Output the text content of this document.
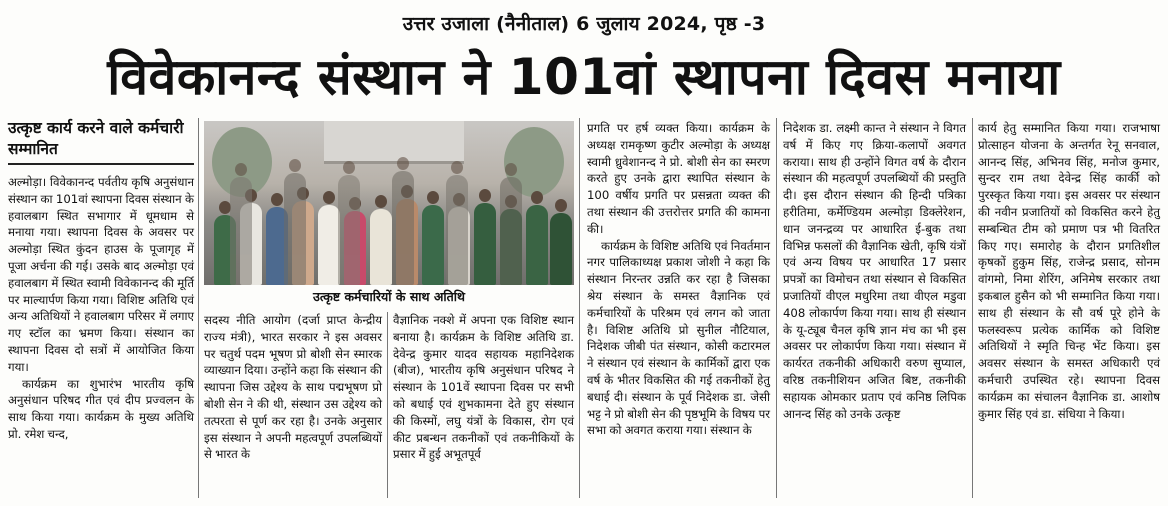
उत्तर उजाला (नैनीताल) 6 जुलाय 2024, पृष्ठ -3
विवेकानन्द संस्थान ने 101वां स्थापना दिवस मनाया
उत्कृष्ट कार्य करने वाले कर्मचारी सम्मानित

अल्मोड़ा। विवेकानन्द पर्वतीय कृषि अनुसंधान संस्थान का 101वां स्थापना दिवस संस्थान के हवालबाग स्थित सभागार में धूमधाम से मनाया गया। स्थापना दिवस के अवसर पर अल्मोड़ा स्थित कुंदन हाउस के पूजागृह में पूजा अर्चना की गई। उसके बाद अल्मोड़ा एवं हवालबाग में स्थित स्वामी विवेकानन्द की मूर्ति पर माल्यार्पण किया गया। विशिष्ट अतिथि एवं अन्य अतिथियों ने हवालबाग परिसर में लगाए गए स्टॉल का भ्रमण किया। संस्थान का स्थापना दिवस दो सत्रों में आयोजित किया गया।

कार्यक्रम का शुभारंभ भारतीय कृषि अनुसंधान परिषद गीत एवं दीप प्रज्वलन के साथ किया गया। कार्यक्रम के मुख्य अतिथि प्रो. रमेश चन्द,

उत्कृष्ट कर्मचारियों के साथ अतिथि

सदस्य नीति आयोग (दर्जा प्राप्त केन्द्रीय राज्य मंत्री), भारत सरकार ने इस अवसर पर चतुर्थ पदम भूषण प्रो बोशी सेन स्मारक व्याख्यान दिया। उन्होंने कहा कि संस्थान की स्थापना जिस उद्देश्य के साथ पद्मभूषण प्रो बोशी सेन ने की थी, संस्थान उस उद्देश्य को तत्परता से पूर्ण कर रहा है। उनके अनुसार इस संस्थान ने अपनी महत्वपूर्ण उपलब्धियों से भारत के

वैज्ञानिक नक्शे में अपना एक विशिष्ट स्थान बनाया है। कार्यक्रम के विशिष्ट अतिथि डा. देवेन्द्र कुमार यादव सहायक महानिदेशक (बीज), भारतीय कृषि अनुसंधान परिषद ने संस्थान के 101वें स्थापना दिवस पर सभी को बधाई एवं शुभकामना देते हुए संस्थान की किस्मों, लघु यंत्रों के विकास, रोग एवं कीट प्रबन्धन तकनीकों एवं तकनीकियों के प्रसार में हुई अभूतपूर्व

प्रगति पर हर्ष व्यक्त किया। कार्यक्रम के अध्यक्ष रामकृष्ण कुटीर अल्मोड़ा के अध्यक्ष स्वामी ध्रुवेशानन्द ने प्रो. बोशी सेन का स्मरण करते हुए उनके द्वारा स्थापित संस्थान के 100 वर्षीय प्रगति पर प्रसन्नता व्यक्त की तथा संस्थान की उत्तरोत्तर प्रगति की कामना की।

कार्यक्रम के विशिष्ट अतिथि एवं निवर्तमान नगर पालिकाध्यक्ष प्रकाश जोशी ने कहा कि संस्थान निरन्तर उन्नति कर रहा है जिसका श्रेय संस्थान के समस्त वैज्ञानिक एवं कर्मचारियों के परिश्रम एवं लगन को जाता है। विशिष्ट अतिथि प्रो सुनील नौटियाल, निदेशक जीबी पंत संस्थान, कोसी कटारमल ने संस्थान एवं संस्थान के कार्मिकों द्वारा एक वर्ष के भीतर विकसित की गई तकनीकों हेतु बधाई दी। संस्थान के पूर्व निदेशक डा. जेसी भट्ट ने प्रो बोशी सेन की पृष्ठभूमि के विषय पर सभा को अवगत कराया गया। संस्थान के

निदेशक डा. लक्ष्मी कान्त ने संस्थान ने विगत वर्ष में किए गए क्रिया-कलापों अवगत कराया। साथ ही उन्होंने विगत वर्ष के दौरान संस्थान की महत्वपूर्ण उपलब्धियों की प्रस्तुति दी। इस दौरान संस्थान की हिन्दी पत्रिका हरीतिमा, कर्मेण्डियम अल्मोड़ा डिक्लेरेशन, धान जनन्द्रव्य पर आधारित ई-बुक तथा विभिन्न फसलों की वैज्ञानिक खेती, कृषि यंत्रों एवं अन्य विषय पर आधारित 17 प्रसार प्रपत्रों का विमोचन तथा संस्थान से विकसित प्रजातियों वीएल मधुरिमा तथा वीएल मडुवा 408 लोकार्पण किया गया। साथ ही संस्थान के यू-ट्यूब चैनल कृषि ज्ञान मंच का भी इस अवसर पर लोकार्पण किया गया। संस्थान में कार्यरत तकनीकी अधिकारी वरुण सुप्याल, वरिष्ठ तकनीशियन अजित बिष्ट, तकनीकी सहायक ओमकार प्रताप एवं कनिष्ठ लिपिक आनन्द सिंह को उनके उत्कृष्ट

कार्य हेतु सम्मानित किया गया। राजभाषा प्रोत्साहन योजना के अन्तर्गत रेनू सनवाल, आनन्द सिंह, अभिनव सिंह, मनोज कुमार, सुन्दर राम तथा देवेन्द्र सिंह कार्की को पुरस्कृत किया गया। इस अवसर पर संस्थान की नवीन प्रजातियों को विकसित करने हेतु सम्बन्धित टीम को प्रमाण पत्र भी वितरित किए गए। समारोह के दौरान प्रगतिशील कृषकों हुकुम सिंह, राजेन्द्र प्रसाद, सोनम वांगमो, निमा शेरिंग, अनिमेष सरकार तथा इकबाल हुसैन को भी सम्मानित किया गया। साथ ही संस्थान के सौ वर्ष पूरे होने के फलस्वरूप प्रत्येक कार्मिक को विशिष्ट अतिथियों ने स्मृति चिन्ह भेंट किया। इस अवसर संस्थान के समस्त अधिकारी एवं कर्मचारी उपस्थित रहे। स्थापना दिवस कार्यक्रम का संचालन वैज्ञानिक डा. आशोष कुमार सिंह एवं डा. संधिया ने किया।
